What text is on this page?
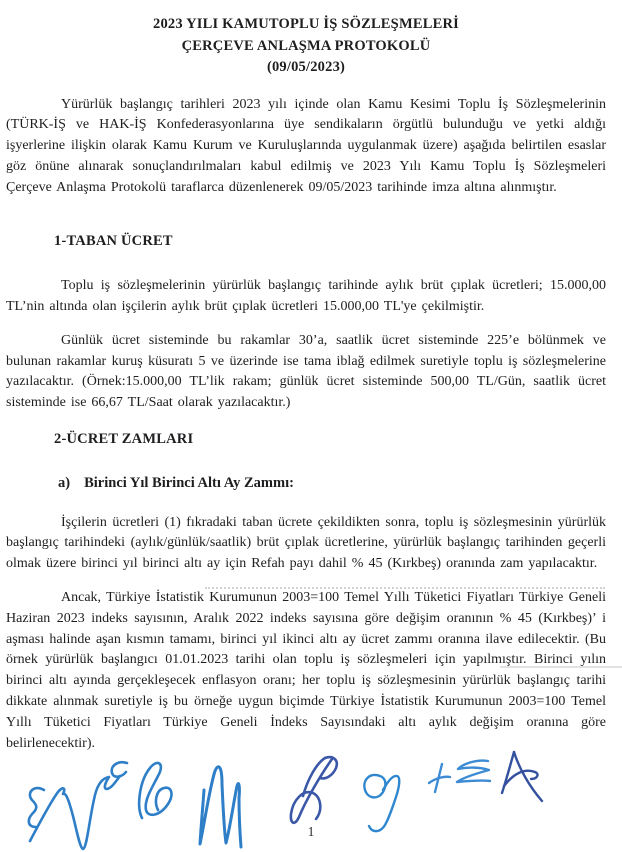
2023 YILI KAMUTOPLU İŞ SÖZLEŞMELERİ
ÇERÇEVE ANLAŞMA PROTOKOLÜ
(09/05/2023)

Yürürlük başlangıç tarihleri 2023 yılı içinde olan Kamu Kesimi Toplu İş Sözleşmelerinin (TÜRK-İŞ ve HAK-İŞ Konfederasyonlarına üye sendikaların örgütlü bulunduğu ve yetki aldığı işyerlerine ilişkin olarak Kamu Kurum ve Kuruluşlarında uygulanmak üzere) aşağıda belirtilen esaslar göz önüne alınarak sonuçlandırılmaları kabul edilmiş ve 2023 Yılı Kamu Toplu İş Sözleşmeleri Çerçeve Anlaşma Protokolü taraflarca düzenlenerek 09/05/2023 tarihinde imza altına alınmıştır.

1-TABAN ÜCRET

Toplu iş sözleşmelerinin yürürlük başlangıç tarihinde aylık brüt çıplak ücretleri; 15.000,00 TL’nin altında olan işçilerin aylık brüt çıplak ücretleri 15.000,00 TL'ye çekilmiştir.

Günlük ücret sisteminde bu rakamlar 30’a, saatlik ücret sisteminde 225’e bölünmek ve bulunan rakamlar kuruş küsuratı 5 ve üzerinde ise tama iblağ edilmek suretiyle toplu iş sözleşmelerine yazılacaktır. (Örnek:15.000,00 TL’lik rakam; günlük ücret sisteminde 500,00 TL/Gün, saatlik ücret sisteminde ise 66,67 TL/Saat olarak yazılacaktır.)

2-ÜCRET ZAMLARI
a) Birinci Yıl Birinci Altı Ay Zammı:

İşçilerin ücretleri (1) fıkradaki taban ücrete çekildikten sonra, toplu iş sözleşmesinin yürürlük başlangıç tarihindeki (aylık/günlük/saatlik) brüt çıplak ücretlerine, yürürlük başlangıç tarihinden geçerli olmak üzere birinci yıl birinci altı ay için Refah payı dahil % 45 (Kırkbeş) oranında zam yapılacaktır.

Ancak, Türkiye İstatistik Kurumunun 2003=100 Temel Yıllı Tüketici Fiyatları Türkiye Geneli Haziran 2023 indeks sayısının, Aralık 2022 indeks sayısına göre değişim oranının % 45 (Kırkbeş)’ i aşması halinde aşan kısmın tamamı, birinci yıl ikinci altı ay ücret zammı oranına ilave edilecektir. (Bu örnek yürürlük başlangıcı 01.01.2023 tarihi olan toplu iş sözleşmeleri için yapılmıştır. Birinci yılın birinci altı ayında gerçekleşecek enflasyon oranı; her toplu iş sözleşmesinin yürürlük başlangıç tarihi dikkate alınmak suretiyle iş bu örneğe uygun biçimde Türkiye İstatistik Kurumunun 2003=100 Temel Yıllı Tüketici Fiyatları Türkiye Geneli İndeks Sayısındaki altı aylık değişim oranına göre belirlenecektir).

1
